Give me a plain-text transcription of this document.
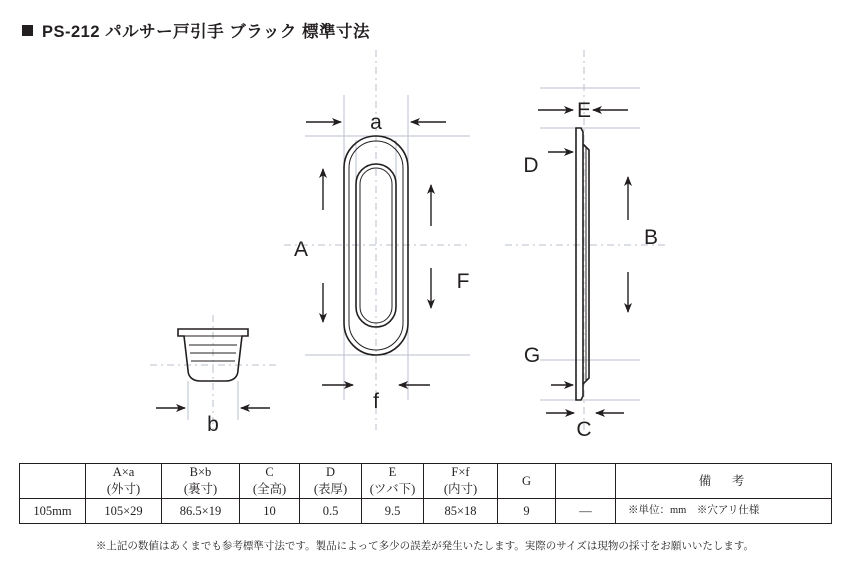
PS-212 パルサー戸引手 ブラック 標準寸法
a
A
F
f
E
D
B
G
C
b
	A×a	B×b	C	D	E	F×f	G		備　考
	(外寸)	(裏寸)	(全高)	(表厚)	(ツバ下)	(内寸)			
105mm	105×29	86.5×19	10	0.5	9.5	85×18	9	—	※単位：mm　※穴アリ仕様
※上記の数値はあくまでも参考標準寸法です。製品によって多少の誤差が発生いたします。実際のサイズは現物の採寸をお願いいたします。
